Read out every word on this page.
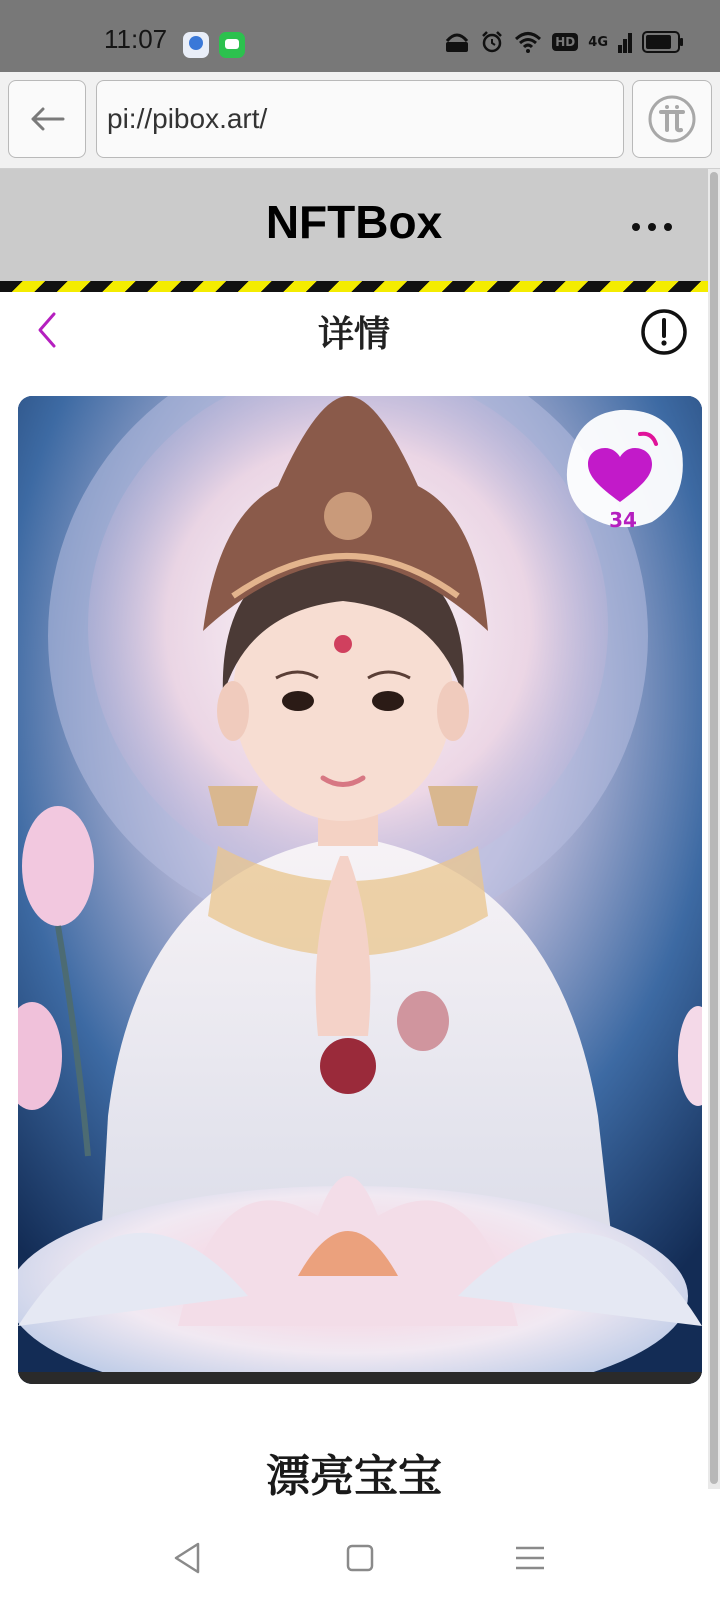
11:07	HD 4G
pi://pibox.art/
NFTBox
详情
34
漂亮宝宝
